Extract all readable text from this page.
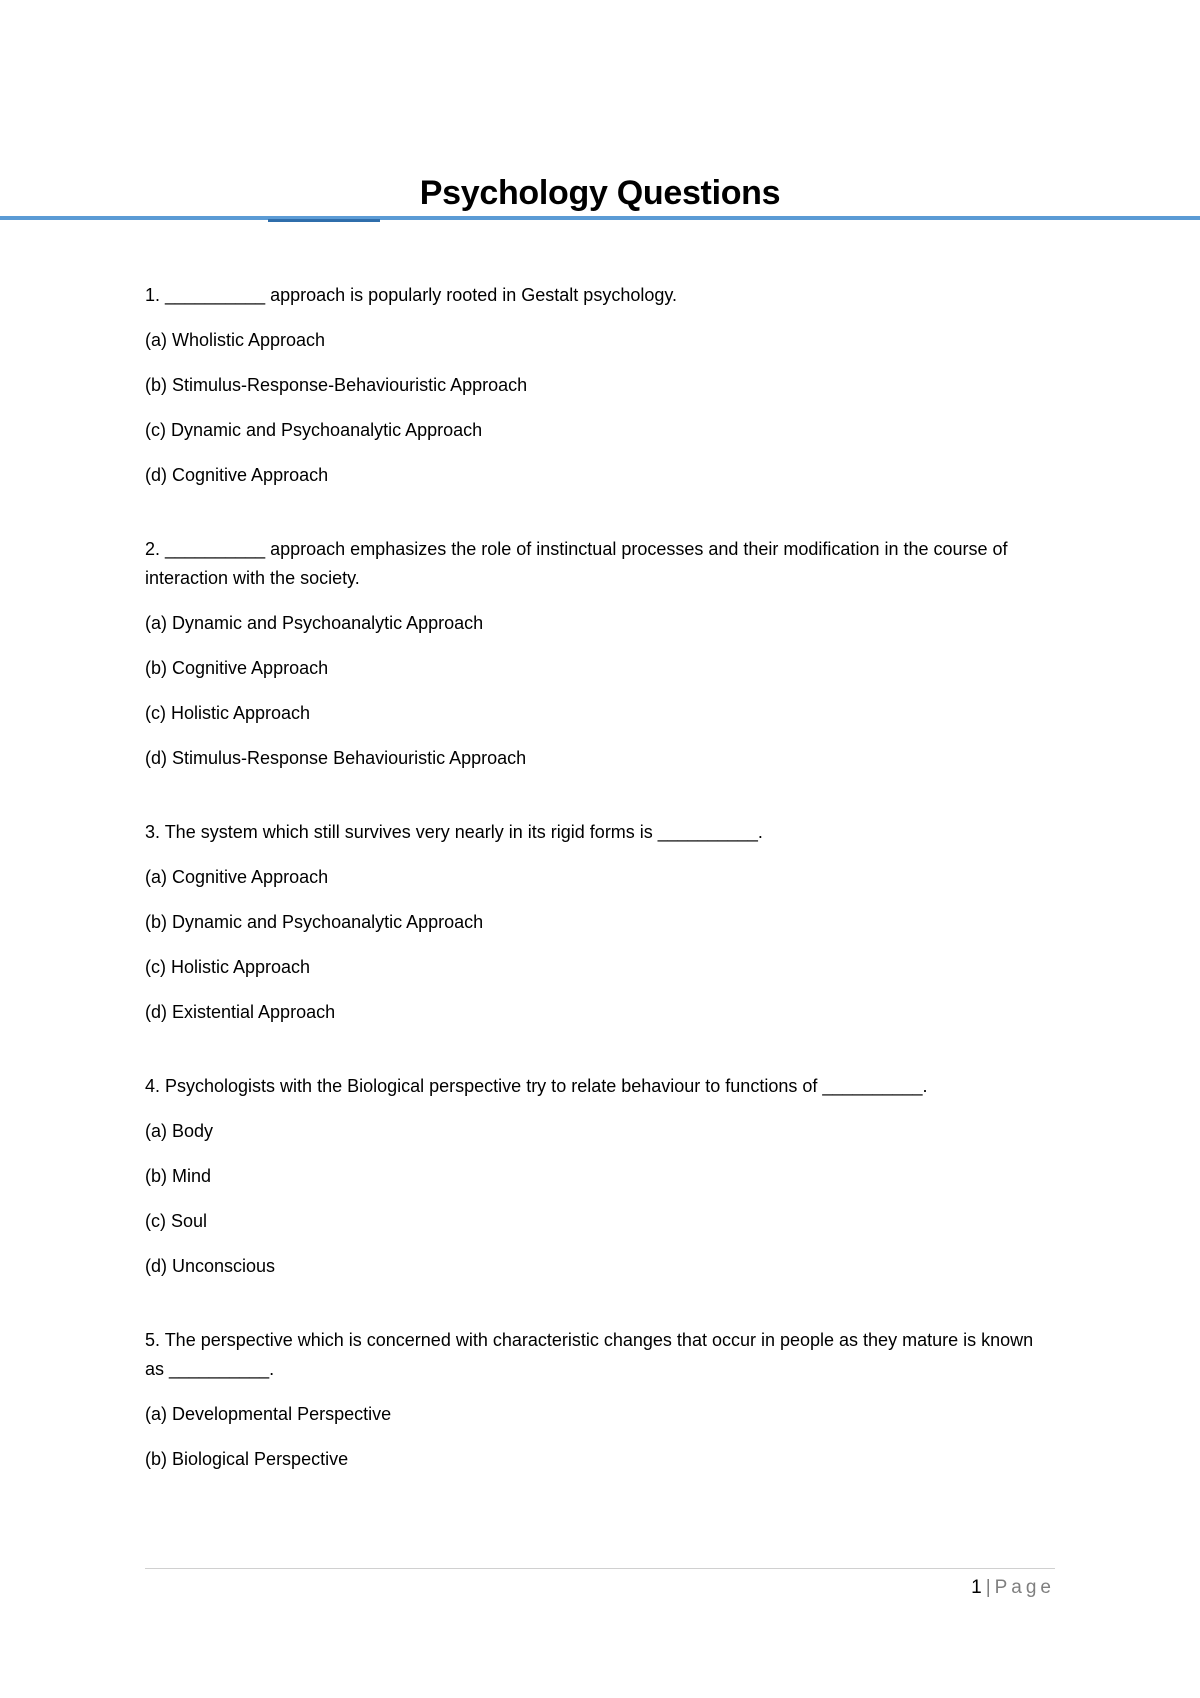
Psychology Questions

1. __________ approach is popularly rooted in Gestalt psychology.

(a) Wholistic Approach

(b) Stimulus-Response-Behaviouristic Approach

(c) Dynamic and Psychoanalytic Approach

(d) Cognitive Approach

2. __________ approach emphasizes the role of instinctual processes and their modification in the course of interaction with the society.

(a) Dynamic and Psychoanalytic Approach

(b) Cognitive Approach

(c) Holistic Approach

(d) Stimulus-Response Behaviouristic Approach

3. The system which still survives very nearly in its rigid forms is __________.

(a) Cognitive Approach

(b) Dynamic and Psychoanalytic Approach

(c) Holistic Approach

(d) Existential Approach

4. Psychologists with the Biological perspective try to relate behaviour to functions of __________.

(a) Body

(b) Mind

(c) Soul

(d) Unconscious

5. The perspective which is concerned with characteristic changes that occur in people as they mature is known as __________.

(a) Developmental Perspective

(b) Biological Perspective

1 | Page
